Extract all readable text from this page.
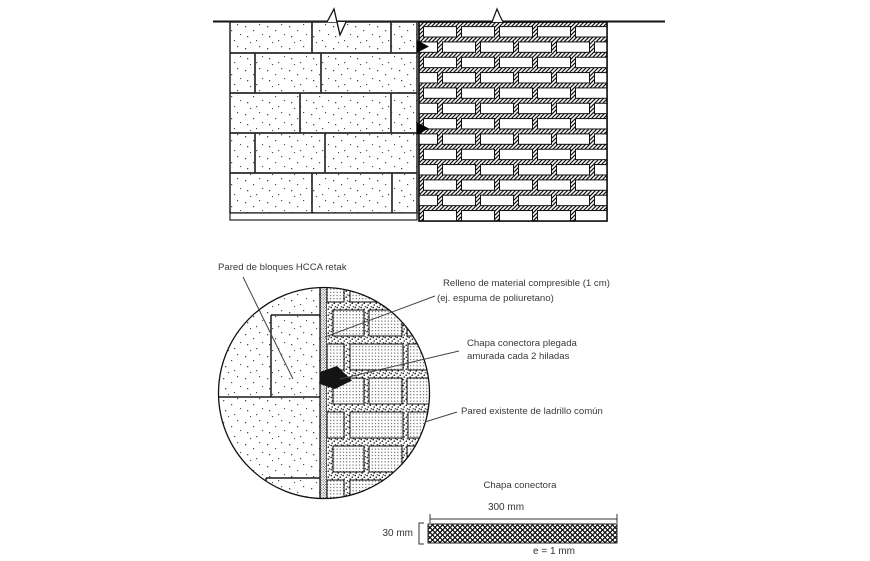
Pared de bloques HCCA retak
Relleno de material compresible (1 cm)
(ej. espuma de poliuretano)
Chapa conectora plegada
amurada cada 2 hiladas
Pared existente de ladrillo común
Chapa conectora
300 mm
30 mm
e = 1 mm
